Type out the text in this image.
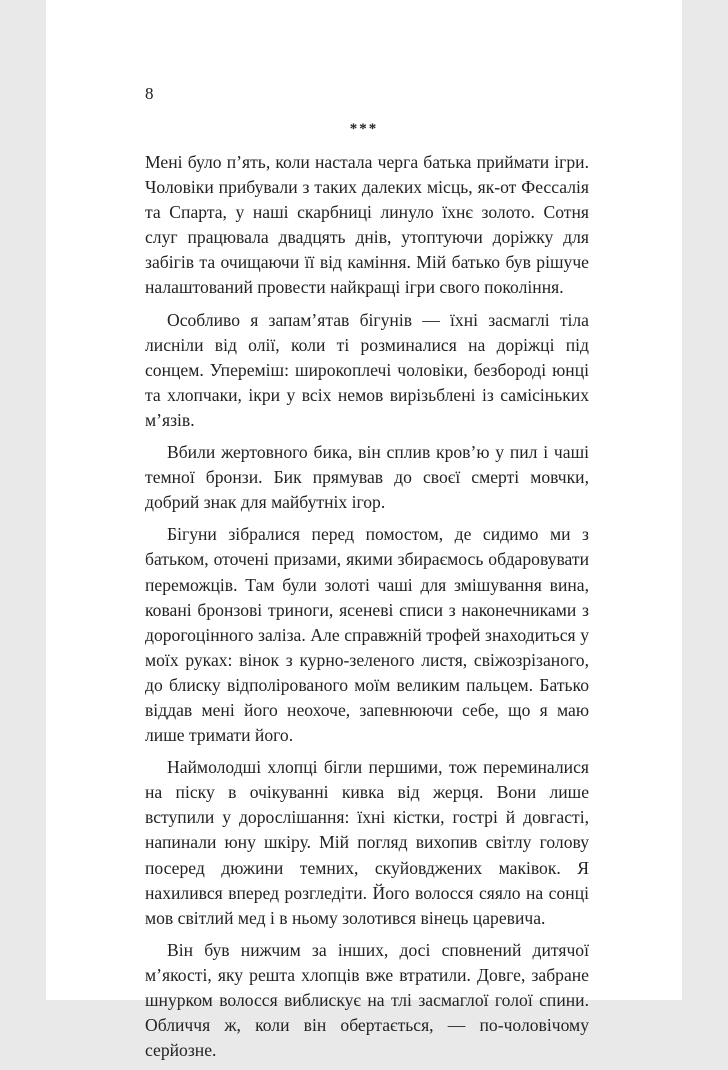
8

***

Мені було п’ять, коли настала черга батька приймати ігри. Чоловіки прибували з таких далеких місць, як-от Фессалія та Спарта, у наші скарбниці линуло їхнє золото. Сотня слуг працювала двадцять днів, утоптуючи доріжку для забігів та очищаючи її від каміння. Мій батько був рішуче налаштований провести найкращі ігри свого покоління.

Особливо я запам’ятав бігунів — їхні засмаглі тіла лисніли від олії, коли ті розминалися на доріжці під сонцем. Упереміш: широкоплечі чоловіки, безбороді юнці та хлопчаки, ікри у всіх немов вирізьблені із самісіньких м’язів.

Вбили жертовного бика, він сплив кров’ю у пил і чаші темної бронзи. Бик прямував до своєї смерті мовчки, добрий знак для майбутніх ігор.

Бігуни зібралися перед помостом, де сидимо ми з батьком, оточені призами, якими збираємось обдаровувати переможців. Там були золоті чаші для змішування вина, ковані бронзові триноги, ясеневі списи з наконечниками з дорогоцінного заліза. Але справжній трофей знаходиться у моїх руках: вінок з курно-зеленого листя, свіжозрізаного, до блиску відполірованого моїм великим пальцем. Батько віддав мені його неохоче, запевнюючи себе, що я маю лише тримати його.

Наймолодші хлопці бігли першими, тож переминалися на піску в очікуванні кивка від жерця. Вони лише вступили у дорослішання: їхні кістки, гострі й довгасті, напинали юну шкіру. Мій погляд вихопив світлу голову посеред дюжини темних, скуйовджених маківок. Я нахилився вперед розгледіти. Його волосся сяяло на сонці мов світлий мед і в ньому золотився вінець царевича.

Він був нижчим за інших, досі сповнений дитячої м’якості, яку решта хлопців вже втратили. Довге, забране шнурком волосся виблискує на тлі засмаглої голої спини. Обличчя ж, коли він обертається, — по-чоловічому серйозне.
